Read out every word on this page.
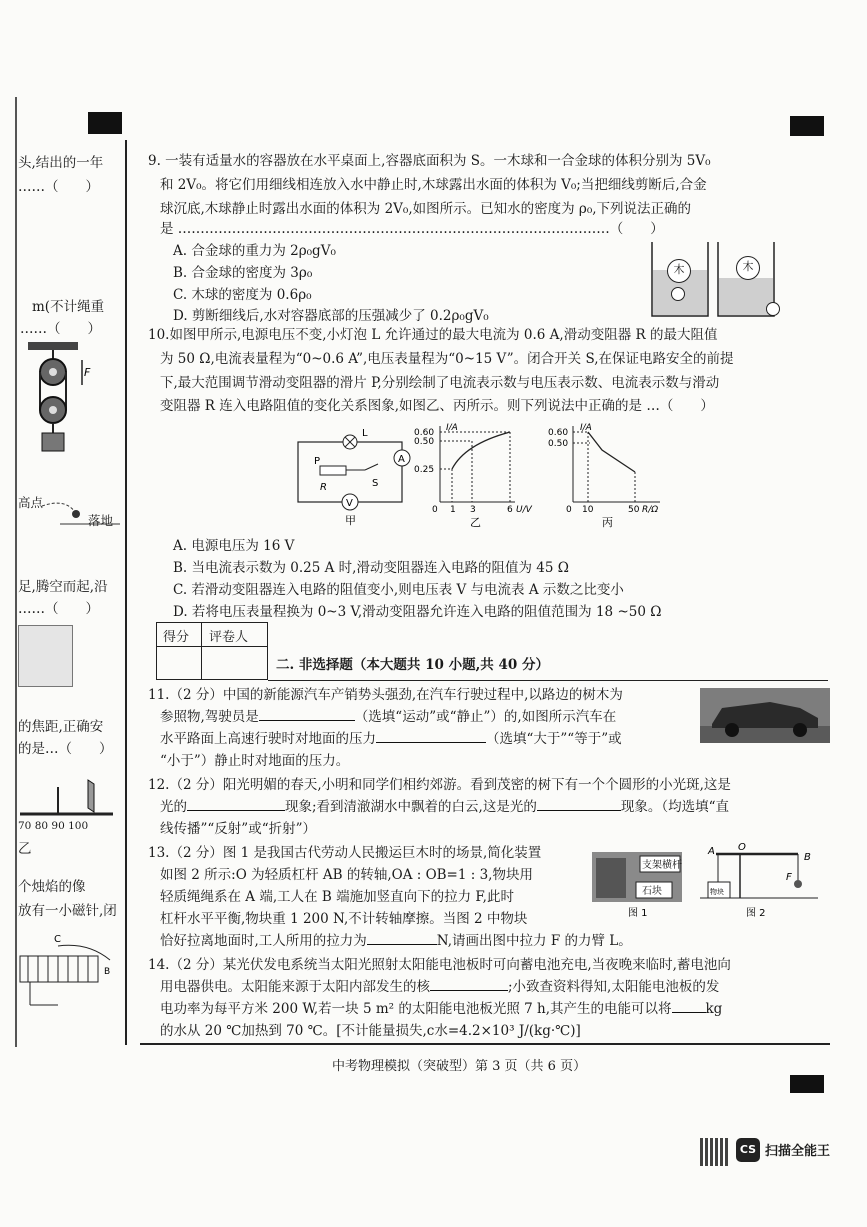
头,结出的一年
……（　　）
m(不计绳重
……（　　）
F
高点
落地
足,腾空而起,沿
……（　　）
的焦距,正确安
的是…（　　）
70 80 90 100
乙
个烛焰的像
放有一小磁针,闭
C
B
9. 一装有适量水的容器放在水平桌面上,容器底面积为 S。一木球和一合金球的体积分别为 5V₀
和 2V₀。将它们用细线相连放入水中静止时,木球露出水面的体积为 V₀;当把细线剪断后,合金
球沉底,木球静止时露出水面的体积为 2V₀,如图所示。已知水的密度为 ρ₀,下列说法正确的
是 ……………………………………………………………………………………（　　）
A. 合金球的重力为 2ρ₀gV₀
B. 合金球的密度为 3ρ₀
C. 木球的密度为 0.6ρ₀
D. 剪断细线后,水对容器底部的压强减少了 0.2ρ₀gV₀
木	木
10.如图甲所示,电源电压不变,小灯泡 L 允许通过的最大电流为 0.6 A,滑动变阻器 R 的最大阻值
为 50 Ω,电流表量程为“0~0.6 A”,电压表量程为“0~15 V”。闭合开关 S,在保证电路安全的前提
下,最大范围调节滑动变阻器的滑片 P,分别绘制了电流表示数与电压表示数、电流表示数与滑动
变阻器 R 连入电路阻值的变化关系图象,如图乙、丙所示。则下列说法中正确的是 …（　　）
L
A
P
R	S
V
甲
I/A
0.60
0.50
0.25
0 1 3	6 U/V
乙
I/A
0.60
0.50
0 10	50 R/Ω
丙
A. 电源电压为 16 V
B. 当电流表示数为 0.25 A 时,滑动变阻器连入电路的阻值为 45 Ω
C. 若滑动变阻器连入电路的阻值变小,则电压表 V 与电流表 A 示数之比变小
D. 若将电压表量程换为 0~3 V,滑动变阻器允许连入电路的阻值范围为 18 ~50 Ω
得分 评卷人
二. 非选择题（本大题共 10 小题,共 40 分）
11.（2 分）中国的新能源汽车产销势头强劲,在汽车行驶过程中,以路边的树木为
参照物,驾驶员是	（选填“运动”或“静止”）的,如图所示汽车在
水平路面上高速行驶时对地面的压力	（选填“大于”“等于”或
“小于”）静止时对地面的压力。
12.（2 分）阳光明媚的春天,小明和同学们相约郊游。看到茂密的树下有一个个圆形的小光斑,这是
光的	现象;看到清澈湖水中飘着的白云,这是光的	现象。（均选填“直
线传播”“反射”或“折射”）
13.（2 分）图 1 是我国古代劳动人民搬运巨木时的场景,简化装置
如图 2 所示:O 为轻质杠杆 AB 的转轴,OA : OB=1 : 3,物块用
轻质绳绳系在 A 端,工人在 B 端施加竖直向下的拉力 F,此时
杠杆水平平衡,物块重 1 200 N,不计转轴摩擦。当图 2 中物块
恰好拉离地面时,工人所用的拉力为	N,请画出图中拉力 F 的力臂 L。
支架横杆
石块
图 1
A O
B
物块
F
图 2
14.（2 分）某光伏发电系统当太阳光照射太阳能电池板时可向蓄电池充电,当夜晚来临时,蓄电池向
用电器供电。太阳能来源于太阳内部发生的核	;小致查资料得知,太阳能电池板的发
电功率为每平方米 200 W,若一块 5 m² 的太阳能电池板光照 7 h,其产生的电能可以将	kg
的水从 20 ℃加热到 70 ℃。[不计能量损失,c水=4.2×10³ J/(kg·℃)]
中考物理模拟（突破型）第 3 页（共 6 页）
CS 扫描全能王
